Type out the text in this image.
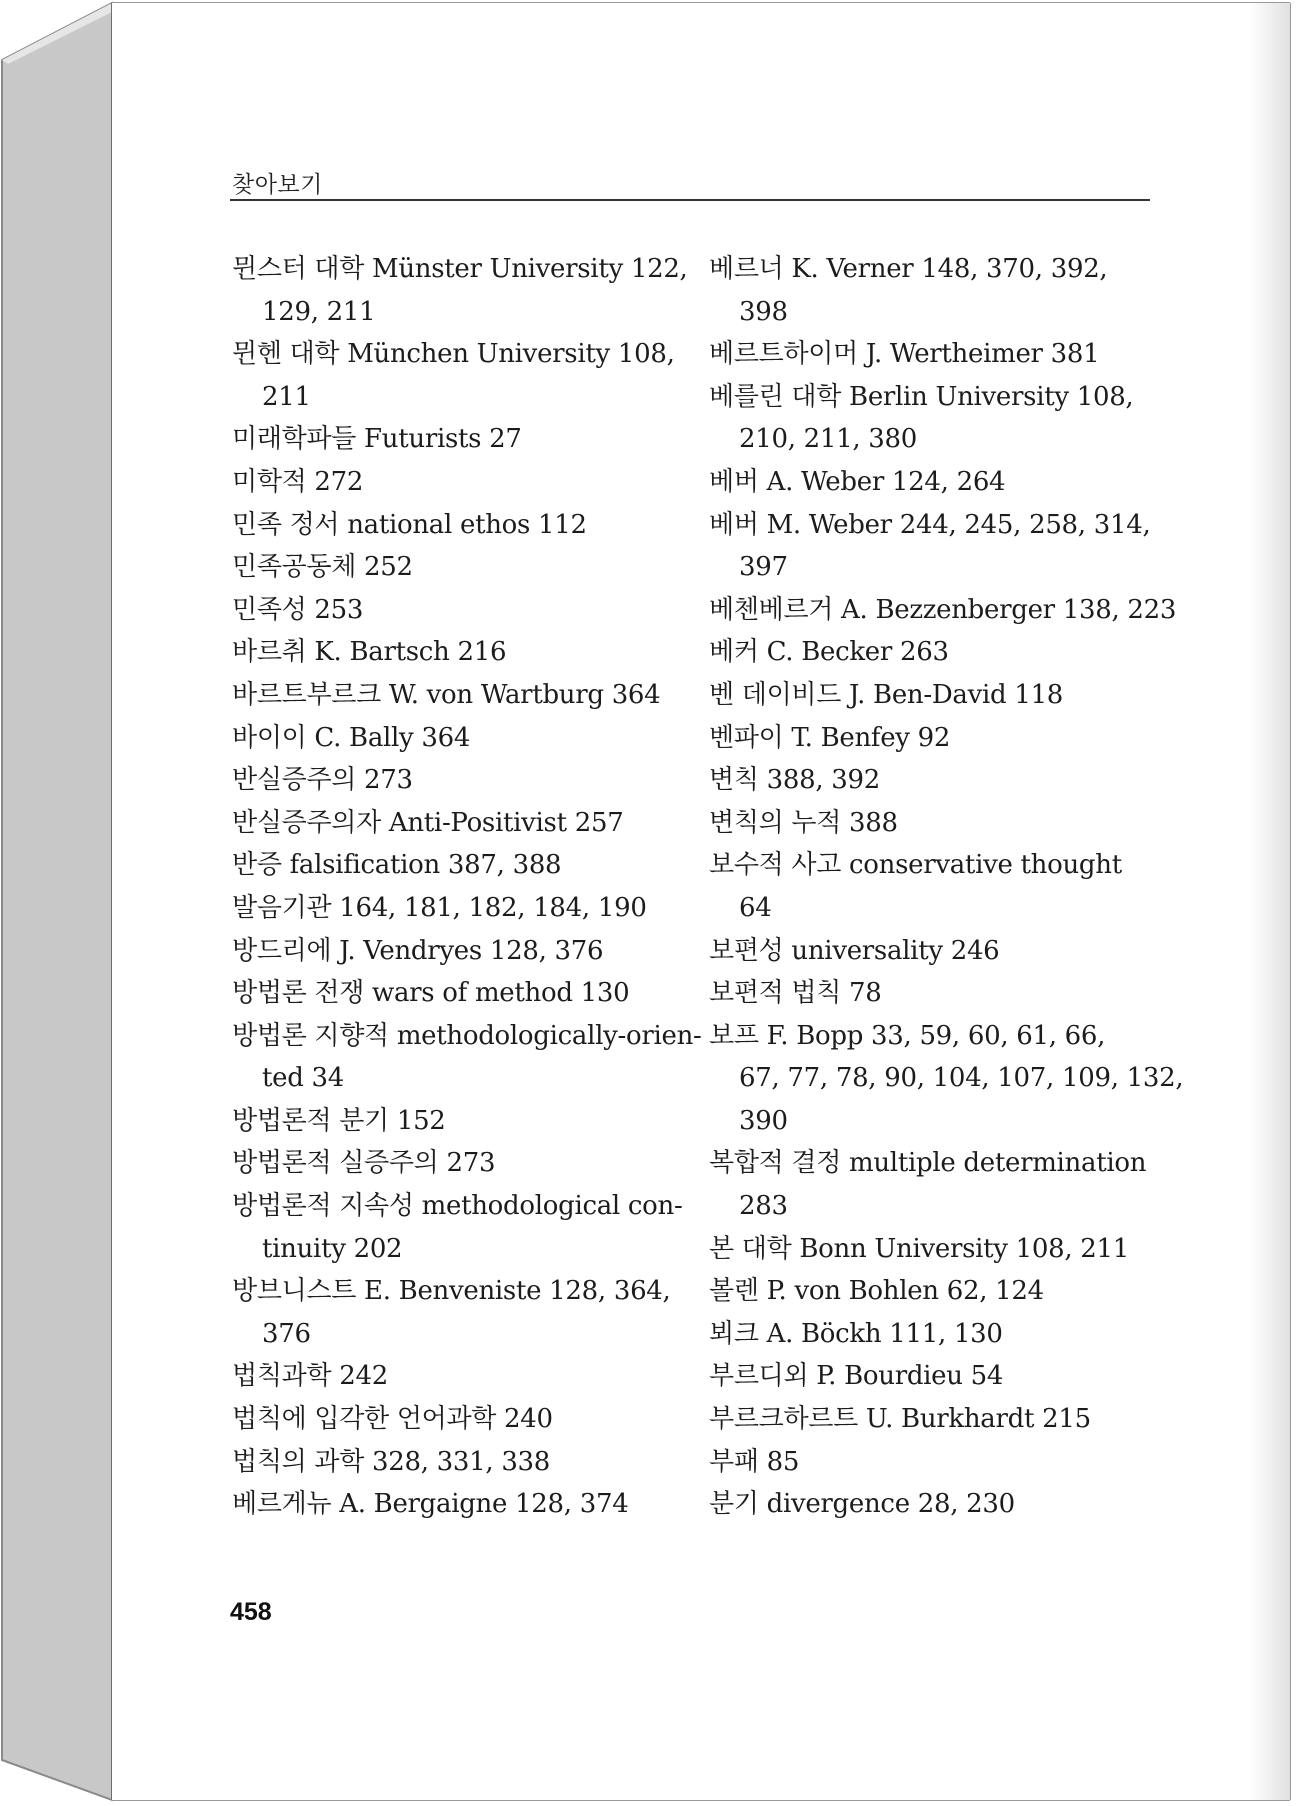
찾아보기
뮌스터 대학 Münster University 122,
129, 211
뮌헨 대학 München University 108,
211
미래학파들 Futurists 27
미학적 272
민족 정서 national ethos 112
민족공동체 252
민족성 253
바르취 K. Bartsch 216
바르트부르크 W. von Wartburg 364
바이이 C. Bally 364
반실증주의 273
반실증주의자 Anti-Positivist 257
반증 falsification 387, 388
발음기관 164, 181, 182, 184, 190
방드리에 J. Vendryes 128, 376
방법론 전쟁 wars of method 130
방법론 지향적 methodologically-orien-
ted 34
방법론적 분기 152
방법론적 실증주의 273
방법론적 지속성 methodological con-
tinuity 202
방브니스트 E. Benveniste 128, 364,
376
법칙과학 242
법칙에 입각한 언어과학 240
법칙의 과학 328, 331, 338
베르게뉴 A. Bergaigne 128, 374
베르너 K. Verner 148, 370, 392,
398
베르트하이머 J. Wertheimer 381
베를린 대학 Berlin University 108,
210, 211, 380
베버 A. Weber 124, 264
베버 M. Weber 244, 245, 258, 314,
397
베첸베르거 A. Bezzenberger 138, 223
베커 C. Becker 263
벤 데이비드 J. Ben-David 118
벤파이 T. Benfey 92
변칙 388, 392
변칙의 누적 388
보수적 사고 conservative thought
64
보편성 universality 246
보편적 법칙 78
보프 F. Bopp 33, 59, 60, 61, 66,
67, 77, 78, 90, 104, 107, 109, 132,
390
복합적 결정 multiple determination
283
본 대학 Bonn University 108, 211
볼렌 P. von Bohlen 62, 124
뵈크 A. Böckh 111, 130
부르디외 P. Bourdieu 54
부르크하르트 U. Burkhardt 215
부패 85
분기 divergence 28, 230
458
